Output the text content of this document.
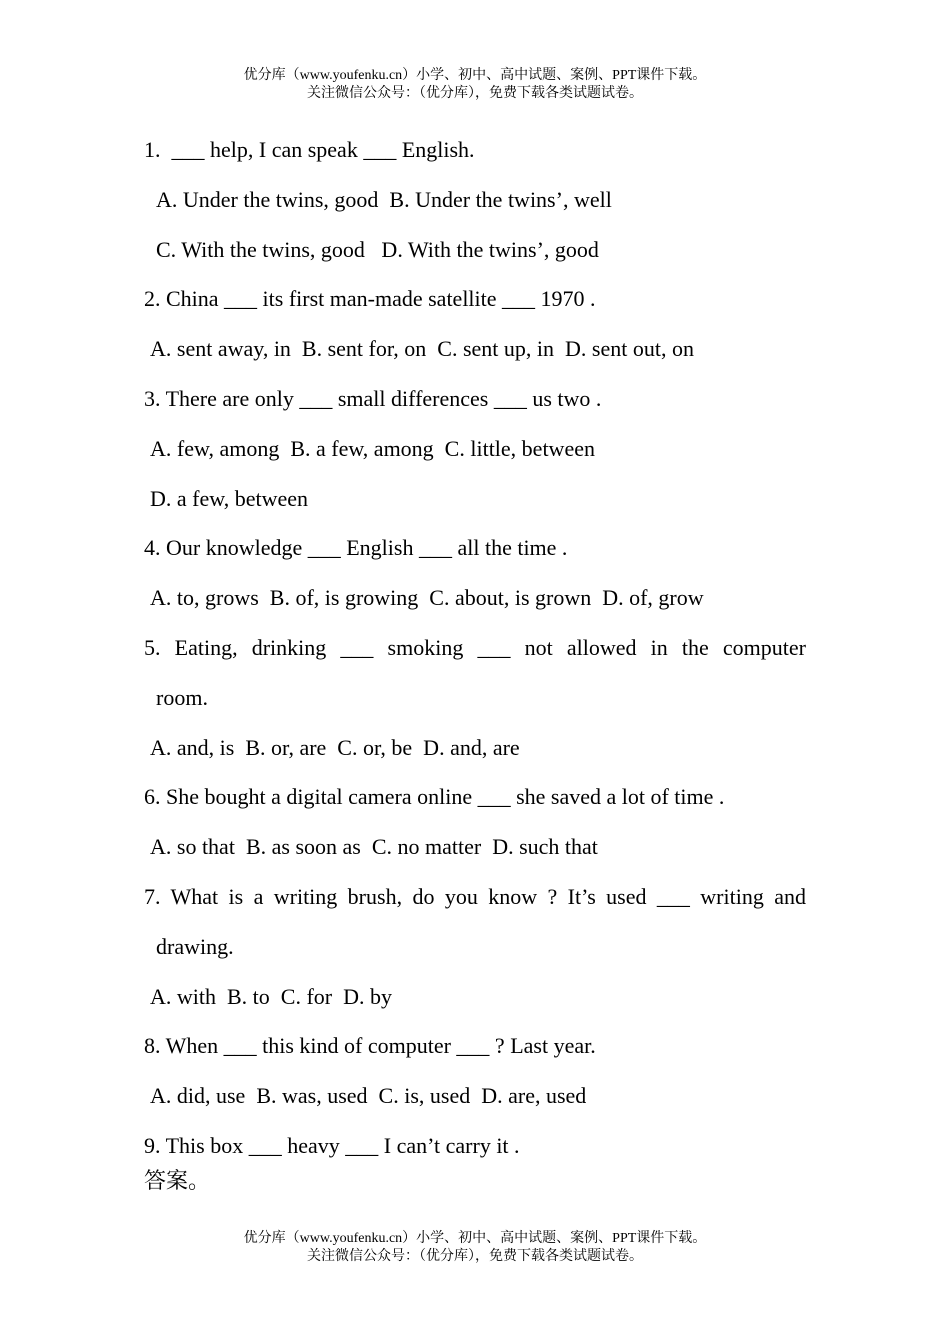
优分库（www.youfenku.cn）小学、初中、高中试题、案例、PPT课件下载。
关注微信公众号：（优分库），免费下载各类试题试卷。
1.  ___ help, I can speak ___ English.
A. Under the twins, good  B. Under the twins’, well
C. With the twins, good   D. With the twins’, good
2. China ___ its first man-made satellite ___ 1970 .
A. sent away, in  B. sent for, on  C. sent up, in  D. sent out, on
3. There are only ___ small differences ___ us two .
A. few, among  B. a few, among  C. little, between
D. a few, between
4. Our knowledge ___ English ___ all the time .
A. to, grows  B. of, is growing  C. about, is grown  D. of, grow
5. Eating, drinking ___ smoking ___ not allowed in the computer
room.
A. and, is  B. or, are  C. or, be  D. and, are
6. She bought a digital camera online ___ she saved a lot of time .
A. so that  B. as soon as  C. no matter  D. such that
7. What is a writing brush, do you know ? It’s used ___ writing and
drawing.
A. with  B. to  C. for  D. by
8. When ___ this kind of computer ___ ? Last year.
A. did, use  B. was, used  C. is, used  D. are, used
9. This box ___ heavy ___ I can’t carry it .
答案。
优分库（www.youfenku.cn）小学、初中、高中试题、案例、PPT课件下载。
关注微信公众号：（优分库），免费下载各类试题试卷。
